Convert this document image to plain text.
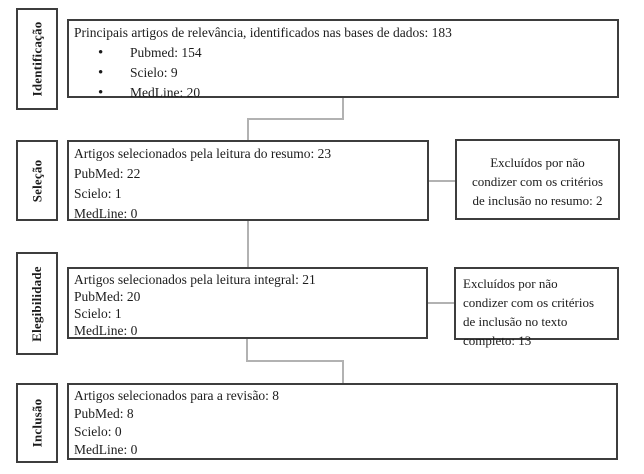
Identificação
Seleção
Elegibilidade
Inclusão
Principais artigos de relevância, identificados nas bases de dados: 183
• Pubmed: 154
• Scielo: 9
• MedLine: 20
Artigos selecionados pela leitura do resumo: 23
PubMed: 22
Scielo: 1
MedLine: 0
Excluídos por não
condizer com os critérios
de inclusão no resumo: 2
Artigos selecionados pela leitura integral: 21
PubMed: 20
Scielo: 1
MedLine: 0
Excluídos por não
condizer com os critérios
de inclusão no texto
completo: 13
Artigos selecionados para a revisão: 8
PubMed: 8
Scielo: 0
MedLine: 0
